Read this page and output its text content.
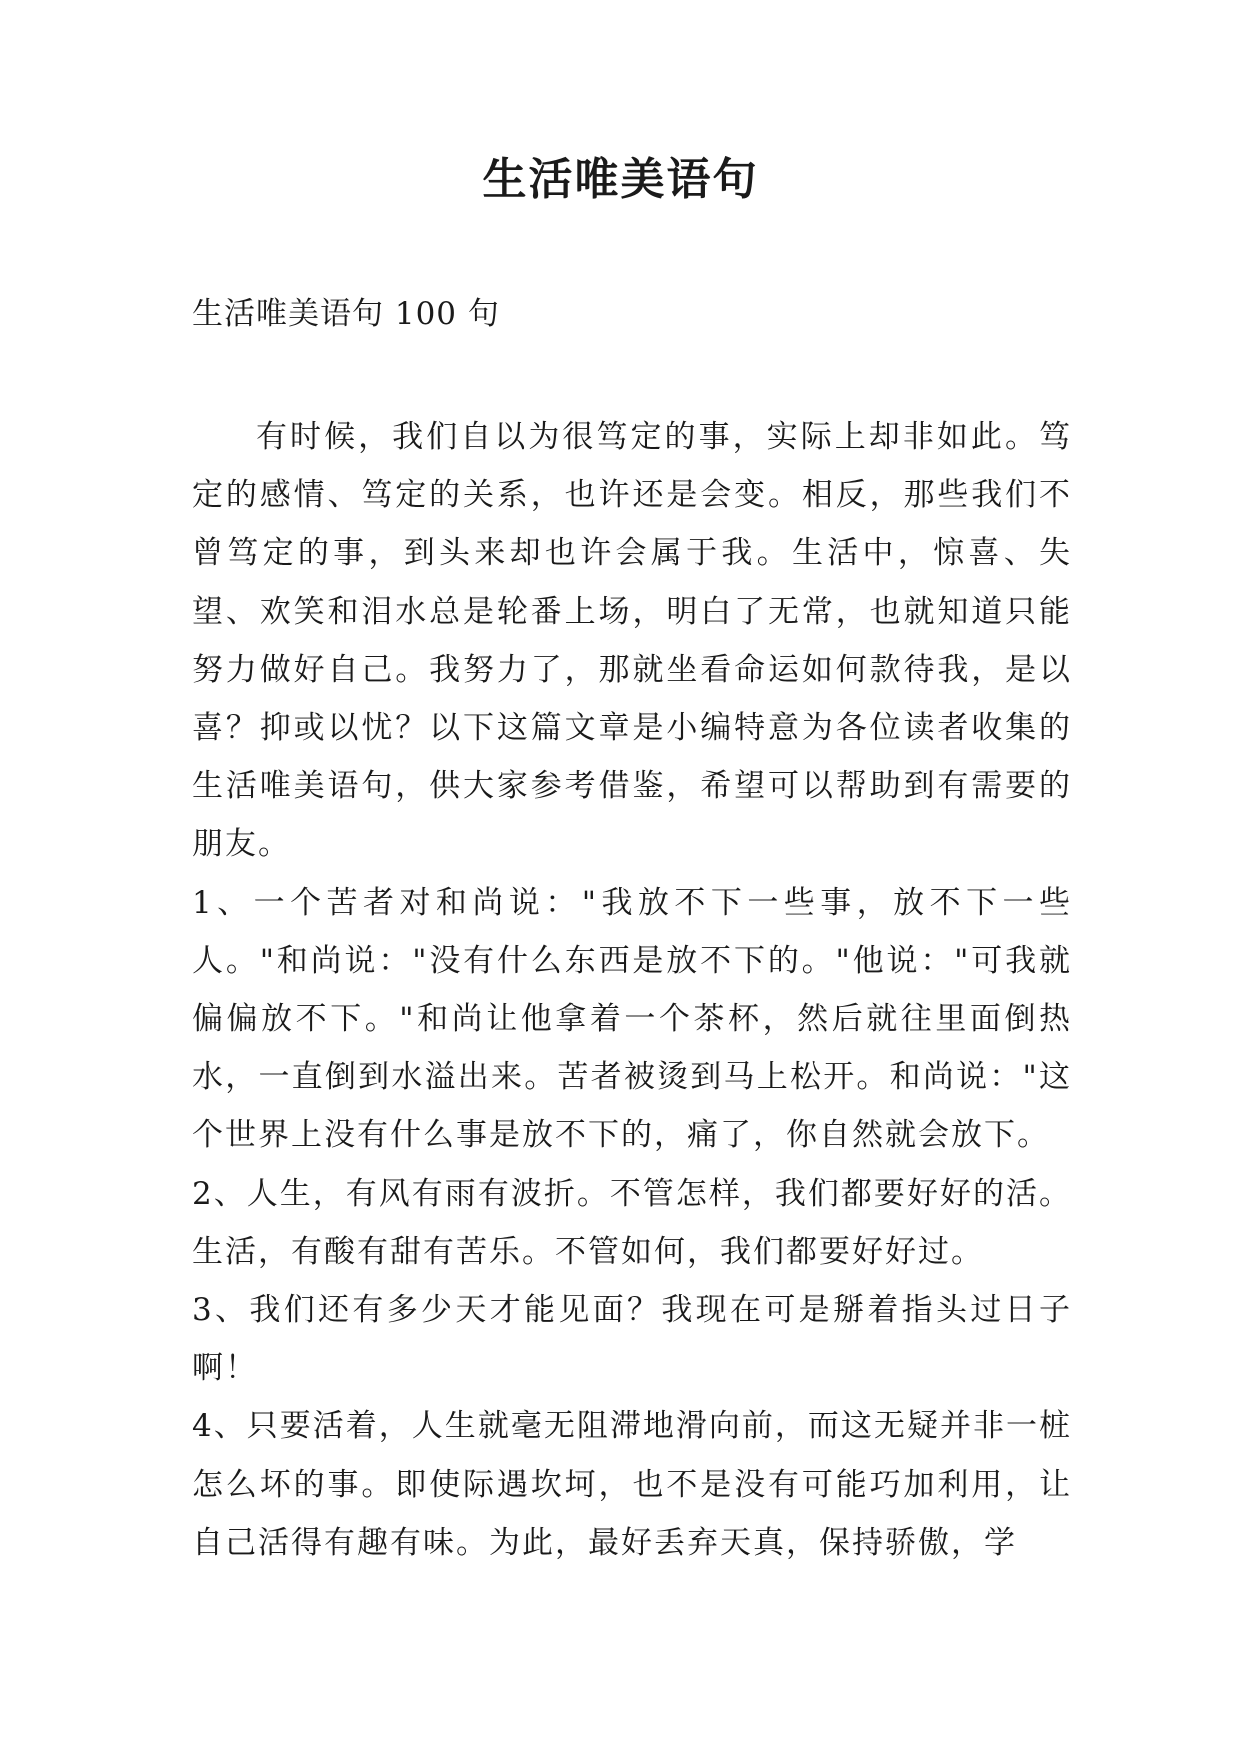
生活唯美语句
生活唯美语句 100 句

有时候，我们自以为很笃定的事，实际上却非如此。笃定的感情、笃定的关系，也许还是会变。相反，那些我们不曾笃定的事，到头来却也许会属于我。生活中，惊喜、失望、欢笑和泪水总是轮番上场，明白了无常，也就知道只能努力做好自己。我努力了，那就坐看命运如何款待我，是以喜？抑或以忧？以下这篇文章是小编特意为各位读者收集的生活唯美语句，供大家参考借鉴，希望可以帮助到有需要的朋友。

1、一个苦者对和尚说："我放不下一些事，放不下一些人。"和尚说："没有什么东西是放不下的。"他说："可我就偏偏放不下。"和尚让他拿着一个茶杯，然后就往里面倒热水，一直倒到水溢出来。苦者被烫到马上松开。和尚说："这个世界上没有什么事是放不下的，痛了，你自然就会放下。

2、人生，有风有雨有波折。不管怎样，我们都要好好的活。生活，有酸有甜有苦乐。不管如何，我们都要好好过。

3、我们还有多少天才能见面？我现在可是掰着指头过日子啊！

4、只要活着，人生就毫无阻滞地滑向前，而这无疑并非一桩怎么坏的事。即使际遇坎坷，也不是没有可能巧加利用，让自己活得有趣有味。为此，最好丢弃天真，保持骄傲，学
